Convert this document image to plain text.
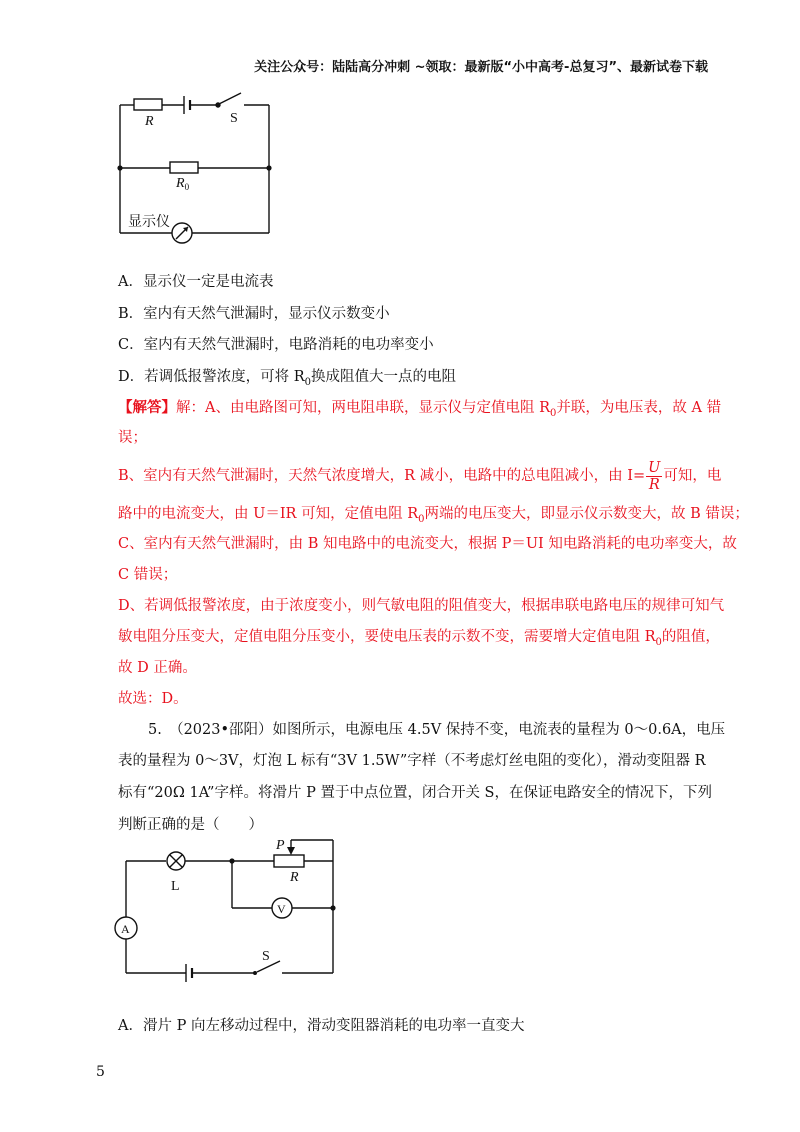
关注公众号：陆陆高分冲刺 ~领取：最新版“小中高考-总复习”、最新试卷下载
R	S
$R_0$
显示仪
A．显示仪一定是电流表
B．室内有天然气泄漏时，显示仪示数变小
C．室内有天然气泄漏时，电路消耗的电功率变小
D．若调低报警浓度，可将 $R_0$换成阻值大一点的电阻
【解答】解：A、由电路图可知，两电阻串联，显示仪与定值电阻 $R_0$并联，为电压表，故 A 错
误；
B、室内有天然气泄漏时，天然气浓度增大，R 减小，电路中的总电阻减小，由 $I= \frac{U}{R}$ 可知，电
路中的电流变大，由 U＝IR 可知，定值电阻 $R_0$两端的电压变大，即显示仪示数变大，故 B 错误；
C、室内有天然气泄漏时，由 B 知电路中的电流变大，根据 P＝UI 知电路消耗的电功率变大，故
C 错误；
D、若调低报警浓度，由于浓度变小，则气敏电阻的阻值变大，根据串联电路电压的规律可知气
敏电阻分压变大，定值电阻分压变小，要使电压表的示数不变，需要增大定值电阻 $R_0$的阻值，
故 D 正确。
故选：D。
5.　（2023•邵阳）如图所示，电源电压 4.5V 保持不变，电流表的量程为 0～0.6A，电压
表的量程为 0～3V，灯泡 L 标有“3V 1.5W”字样（不考虑灯丝电阻的变化），滑动变阻器 R
标有“20Ω 1A”字样。将滑片 P 置于中点位置，闭合开关 S，在保证电路安全的情况下，下列
判断正确的是（　　）
L
P
R
V
A
S
A．滑片 P 向左移动过程中，滑动变阻器消耗的电功率一直变大
5
